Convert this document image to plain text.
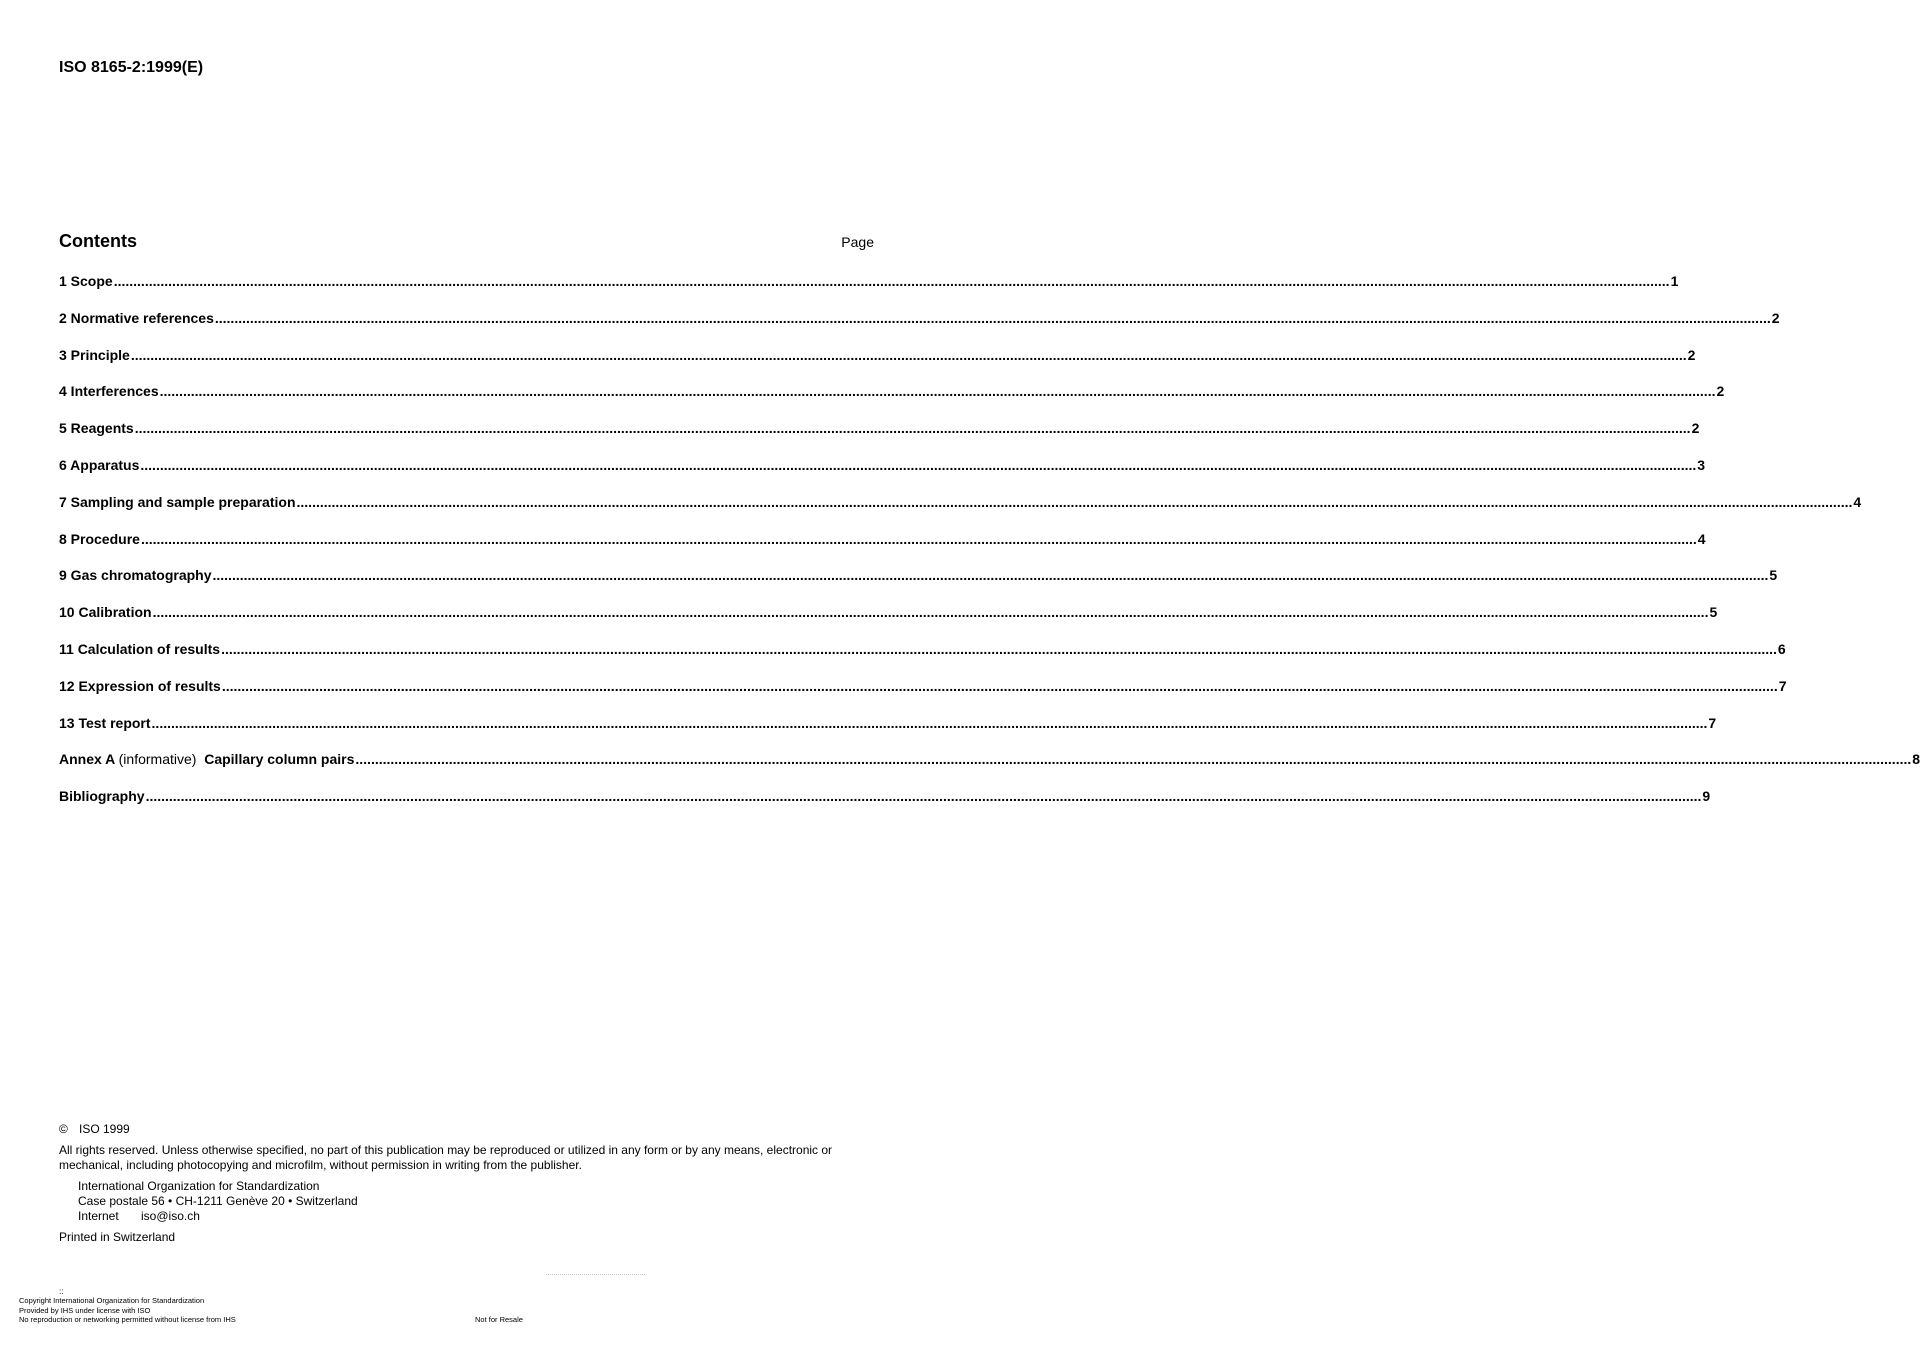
ISO 8165-2:1999(E)
Contents	Page
1 Scope ................................................................................................................................................................................................................................................................................................................................................................................................................ 1
2 Normative references ................................................................................................................................................................................................................................................................................................................................................................................................................ 2
3 Principle ................................................................................................................................................................................................................................................................................................................................................................................................................ 2
4 Interferences ................................................................................................................................................................................................................................................................................................................................................................................................................ 2
5 Reagents ................................................................................................................................................................................................................................................................................................................................................................................................................ 2
6 Apparatus ................................................................................................................................................................................................................................................................................................................................................................................................................ 3
7 Sampling and sample preparation ................................................................................................................................................................................................................................................................................................................................................................................................................ 4
8 Procedure ................................................................................................................................................................................................................................................................................................................................................................................................................ 4
9 Gas chromatography ................................................................................................................................................................................................................................................................................................................................................................................................................ 5
10 Calibration ................................................................................................................................................................................................................................................................................................................................................................................................................ 5
11 Calculation of results ................................................................................................................................................................................................................................................................................................................................................................................................................ 6
12 Expression of results ................................................................................................................................................................................................................................................................................................................................................................................................................ 7
13 Test report ................................................................................................................................................................................................................................................................................................................................................................................................................ 7
Annex A (informative) Capillary column pairs ................................................................................................................................................................................................................................................................................................................................................................................................................ 8
Bibliography ................................................................................................................................................................................................................................................................................................................................................................................................................ 9
© ISO 1999
All rights reserved. Unless otherwise specified, no part of this publication may be reproduced or utilized in any form or by any means, electronic or mechanical, including photocopying and microfilm, without permission in writing from the publisher.
International Organization for Standardization
Case postale 56 • CH-1211 Genève 20 • Switzerland
Internet iso@iso.ch
Printed in Switzerland
::
Copyright International Organization for Standardization
Provided by IHS under license with ISO
No reproduction or networking permitted without license from IHS	Not for Resale
